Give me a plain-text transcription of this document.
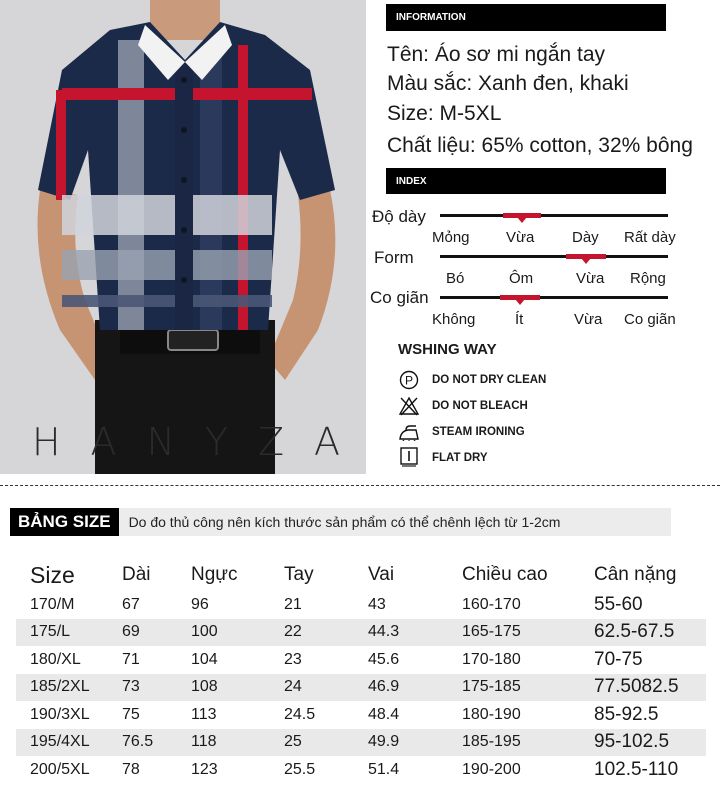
H A N Y Z A
INFORMATION
Tên: Áo sơ mi ngắn tay
Màu sắc: Xanh đen, khaki
Size: M-5XL
Chất liệu: 65% cotton, 32% bông
INDEX
Độ dày
Mỏng Vừa	Dày Rất dày
Form
Bó	Ôm	Vừa Rộng
Co giãn
Không	Ít	Vừa Co giãn
WSHING WAY
P DO NOT DRY CLEAN
DO NOT BLEACH
STEAM IRONING
FLAT DRY
BẢNG SIZE	Do đo thủ công nên kích thước sản phẩm có thể chênh lệch từ 1-2cm
Size Dài Ngực Tay	Vai	Chiều cao Cân nặng
170/M	67	96	21	43	160-170	55-60
175/L	69	100	22	44.3	165-175	62.5-67.5
180/XL	71	104	23	45.6	170-180	70-75
185/2XL 73	108	24	46.9	175-185	77.5082.5
190/3XL 75	113	24.5	48.4	180-190	85-92.5
195/4XL 76.5 118	25	49.9	185-195	95-102.5
200/5XL 78	123	25.5	51.4	190-200	102.5-110
